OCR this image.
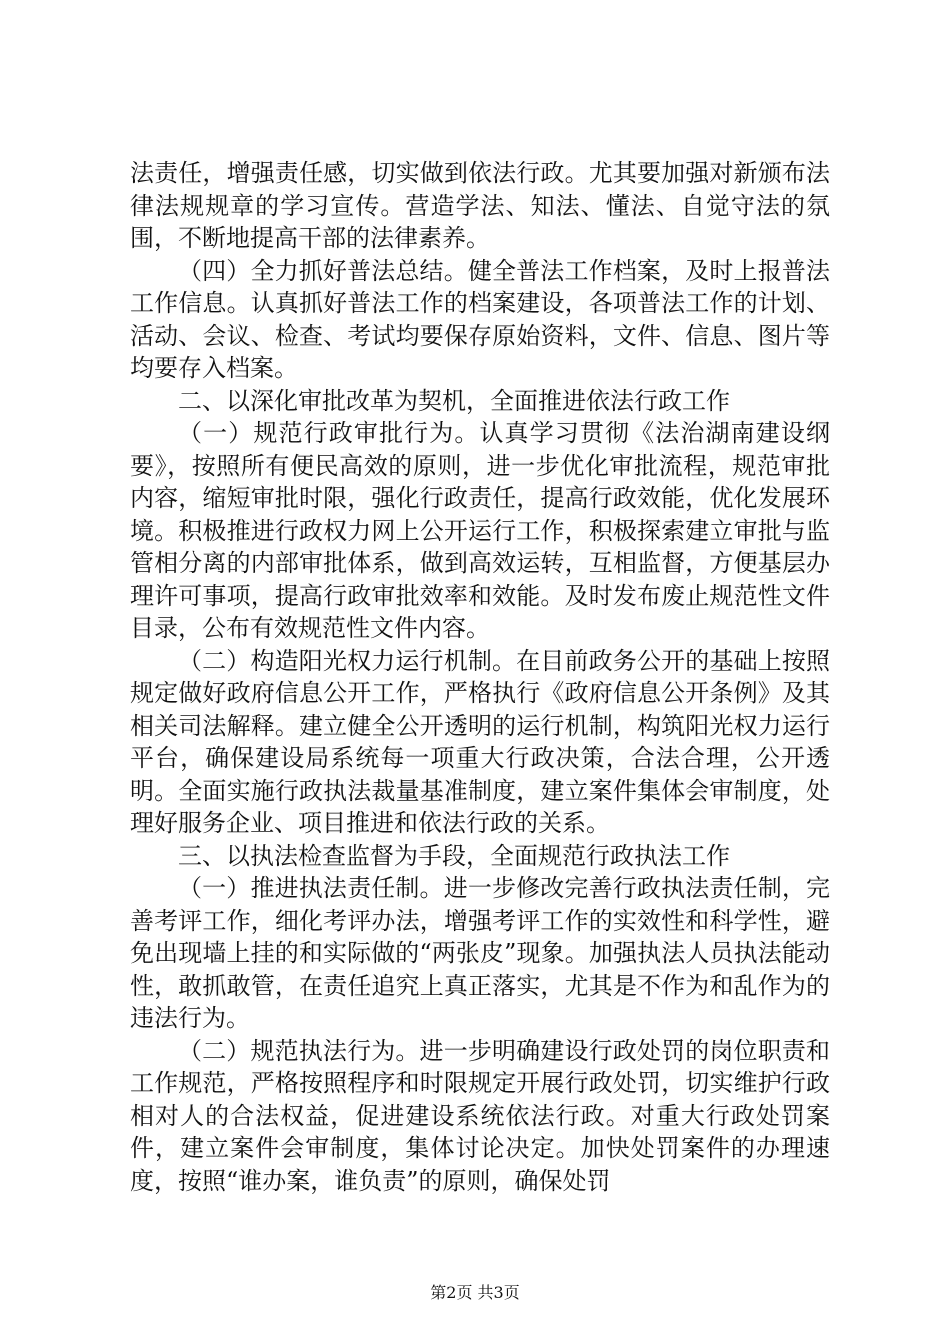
法责任，增强责任感，切实做到依法行政。尤其要加强对新颁布法律法规规章的学习宣传。营造学法、知法、懂法、自觉守法的氛围，不断地提高干部的法律素养。

（四）全力抓好普法总结。健全普法工作档案，及时上报普法工作信息。认真抓好普法工作的档案建设，各项普法工作的计划、活动、会议、检查、考试均要保存原始资料，文件、信息、图片等均要存入档案。

二、以深化审批改革为契机，全面推进依法行政工作

（一）规范行政审批行为。认真学习贯彻《法治湖南建设纲要》，按照所有便民高效的原则，进一步优化审批流程，规范审批内容，缩短审批时限，强化行政责任，提高行政效能，优化发展环境。积极推进行政权力网上公开运行工作，积极探索建立审批与监管相分离的内部审批体系，做到高效运转，互相监督，方便基层办理许可事项，提高行政审批效率和效能。及时发布废止规范性文件目录，公布有效规范性文件内容。

（二）构造阳光权力运行机制。在目前政务公开的基础上按照规定做好政府信息公开工作，严格执行《政府信息公开条例》及其相关司法解释。建立健全公开透明的运行机制，构筑阳光权力运行平台，确保建设局系统每一项重大行政决策，合法合理，公开透明。全面实施行政执法裁量基准制度，建立案件集体会审制度，处理好服务企业、项目推进和依法行政的关系。

三、以执法检查监督为手段，全面规范行政执法工作

（一）推进执法责任制。进一步修改完善行政执法责任制，完善考评工作，细化考评办法，增强考评工作的实效性和科学性，避免出现墙上挂的和实际做的“两张皮”现象。加强执法人员执法能动性，敢抓敢管，在责任追究上真正落实，尤其是不作为和乱作为的违法行为。

（二）规范执法行为。进一步明确建设行政处罚的岗位职责和工作规范，严格按照程序和时限规定开展行政处罚，切实维护行政相对人的合法权益，促进建设系统依法行政。对重大行政处罚案件，建立案件会审制度，集体讨论决定。加快处罚案件的办理速度，按照“谁办案，谁负责”的原则，确保处罚

第2页 共3页
